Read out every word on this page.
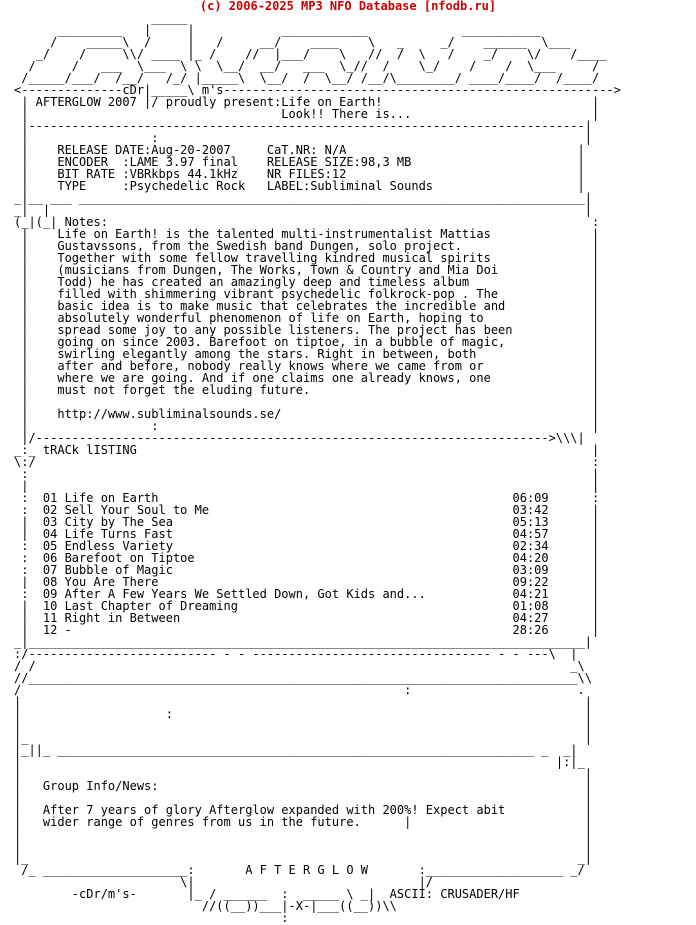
(c) 2006-2025 MP3 NFO Database [nfodb.ru]
_____
_________   |     |            ____________             ___________
/    _____\  /     |   /     __/    ____    \   _     _/    ______  \___
_/    /     \\/ ____ |_ /    //  |___/    \   //  /  \   /    _/    \/    /____
/     /   ___  \___  \ \  \__/  __/   ___  \_//  /    \_/    /    /  \___     /
/_____/___/  /__/   /_/ |_____\  \__/  /  \__/ /__/\________/ ____/____/  /____/
<--------------cDr|_____\ m's------------------------------------------------------>
| AFTERGLOW 2007 |/ proudly present:Life on Earth!                             |
|                                   Look!! There is...                         |
|-----------------------------------------------------------------------------|
|                 :                                                           |
|    RELEASE DATE:Aug-20-2007     CaT.NR: N/A                                |
|    ENCODER  :LAME 3.97 final    RELEASE SIZE:98,3 MB                       |
|    BIT RATE :VBRkbps 44.1kHz    NR FILES:12                                |
|    TYPE     :Psychedelic Rock   LABEL:Subliminal Sounds                    |
_|__ ___ ______________________________________________________________________|
_|  |                                                                          |
(_|(_| Notes:                                                                   :
|    Life on Earth! is the talented multi-instrumentalist Mattias              |
|    Gustavssons, from the Swedish band Dungen, solo project.                  |
|    Together with some fellow travelling kindred musical spirits              |
|    (musicians from Dungen, The Works, Town & Country and Mia Doi             |
|    Todd) he has created an amazingly deep and timeless album                 |
|    filled with shimmering vibrant psychedelic folkrock-pop . The             |
|    basic idea is to make music that celebrates the incredible and            |
|    absolutely wonderful phenomenon of life on Earth, hoping to               |
|    spread some joy to any possible listeners. The project has been           |
|    going on since 2003. Barefoot on tiptoe, in a bubble of magic,            |
|    swirling elegantly among the stars. Right in between, both                |
|    after and before, nobody really knows where we came from or               |
|    where we are going. And if one claims one already knows, one              |
|    must not forget the eluding future.                                       |
|                                                                              |
|    http://www.subliminalsounds.se/                                           |
|                 :                                                            |
|/----------------------------------------------------------------------->\\\|
_:_ tRACk lISTING                                                               |
\:/                                                                             :
:                                                                              |
|                                                                              |
:  01 Life on Earth                                                 06:09      :
:  02 Sell Your Soul to Me                                          03:42      |
|  03 City by The Sea                                               05:13      |
|  04 Life Turns Fast                                               04:57      |
:  05 Endless Variety                                               02:34      |
:  06 Barefoot on Tiptoe                                            04:20      |
:  07 Bubble of Magic                                               03:09      |
|  08 You Are There                                                 09:22      |
:  09 After A Few Years We Settled Down, Got Kids and...            04:21      |
|  10 Last Chapter of Dreaming                                      01:08      |
|  11 Right in Between                                              04:27      |
|  12 -                                                             28:26      |
_|_____________________________________________________________________________|
:/-------------------------- - - --------------------------------- - - ---\  |
/ /                                                                          _\
//____________________________________________________________________________\\
/                                                     :                       .
|                                                                              |
|                    :                                                         |
|                                                                              |
|_                                                                             |
|_||_ __________________________________________________________________ _  _|
|                                                                          |:|_
|                                                                              |
|   Group Info/News:                                                           |
|                                                                              |
|   After 7 years of glory Afterglow expanded with 200%! Expect abit           |
|   wider range of genres from us in the future.      |                        |
|                                                                              |
|                                                                              |
|_                                                                            _|
/_ ____________________:       A F T E R G L O W       :___________________ _/
\|                               |/
-cDr/m's-       |_ / ______  :  _____ \ _|  ASCII: CRUSADER/HF
//((__))___|-X-|___((__))\\
:
